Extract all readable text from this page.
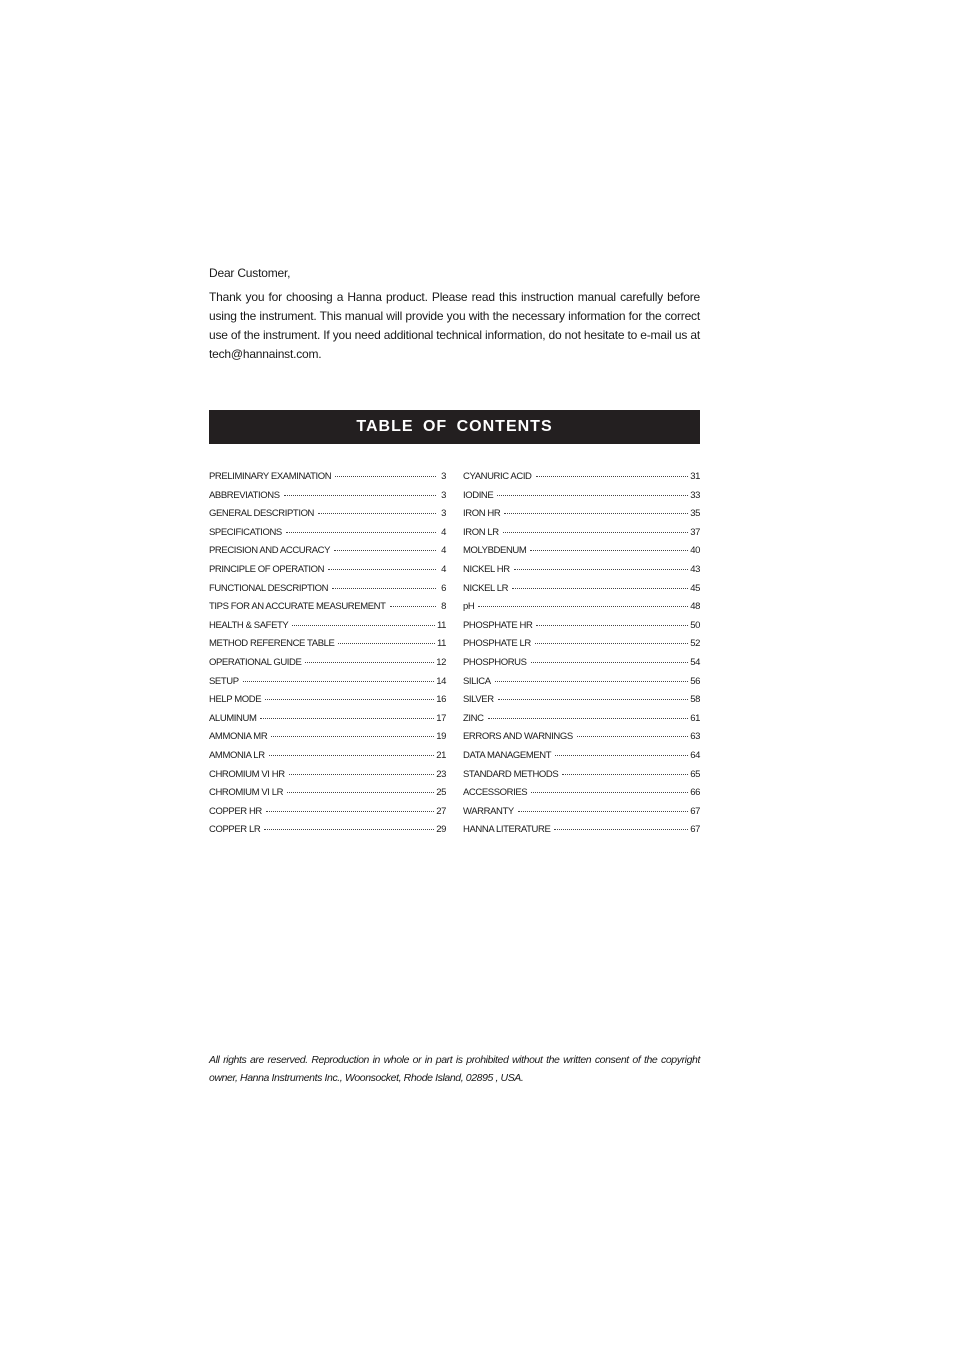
Dear Customer,

Thank you for choosing a Hanna product. Please read this instruction manual carefully before using the instrument. This manual will provide you with the necessary information for the correct use of the instrument. If you need additional technical information, do not hesitate to e-mail us at tech@hannainst.com.

TABLE OF CONTENTS
PRELIMINARY EXAMINATION	3
ABBREVIATIONS	3
GENERAL DESCRIPTION	3
SPECIFICATIONS	4
PRECISION AND ACCURACY	4
PRINCIPLE OF OPERATION	4
FUNCTIONAL DESCRIPTION	6
TIPS FOR AN ACCURATE MEASUREMENT	8
HEALTH & SAFETY	11
METHOD REFERENCE TABLE	11
OPERATIONAL GUIDE	12
SETUP	14
HELP MODE	16
ALUMINUM	17
AMMONIA MR	19
AMMONIA LR	21
CHROMIUM VI HR	23
CHROMIUM VI LR	25
COPPER HR	27
COPPER LR	29
CYANURIC ACID	31
IODINE	33
IRON HR	35
IRON LR	37
MOLYBDENUM	40
NICKEL HR	43
NICKEL LR	45
pH	48
PHOSPHATE HR	50
PHOSPHATE LR	52
PHOSPHORUS	54
SILICA	56
SILVER	58
ZINC	61
ERRORS AND WARNINGS	63
DATA MANAGEMENT	64
STANDARD METHODS	65
ACCESSORIES	66
WARRANTY	67
HANNA LITERATURE	67

All rights are reserved. Reproduction in whole or in part is prohibited without the written consent of the copyright owner, Hanna Instruments Inc., Woonsocket, Rhode Island, 02895 , USA.
